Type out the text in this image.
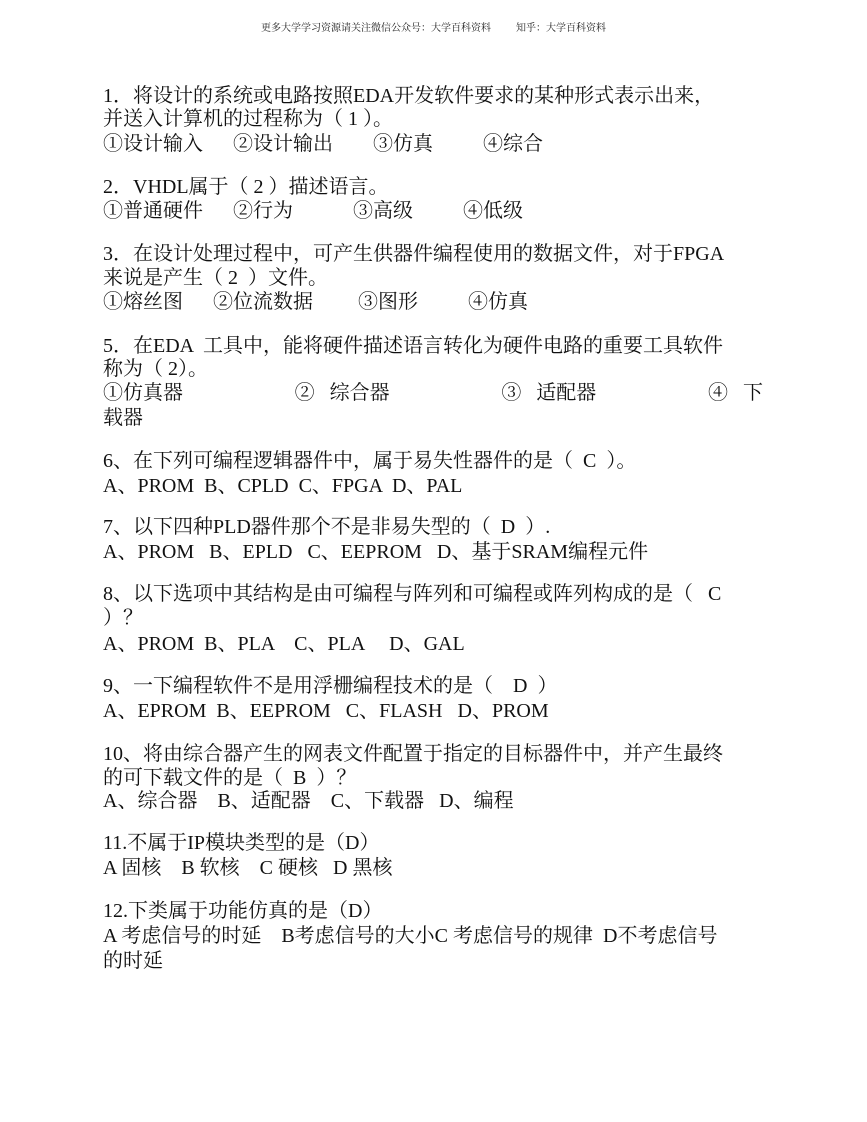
更多大学学习资源请关注微信公众号：大学百科资料          知乎：大学百科资料
1．将设计的系统或电路按照EDA开发软件要求的某种形式表示出来，
并送入计算机的过程称为（ 1 ）。
①设计输入      ②设计输出        ③仿真          ④综合
2．VHDL属于（ 2 ）描述语言。
①普通硬件      ②行为            ③高级          ④低级
3．在设计处理过程中，可产生供器件编程使用的数据文件，对于FPGA
来说是产生（ 2  ）文件。
①熔丝图      ②位流数据         ③图形          ④仿真
5．在EDA  工具中，能将硬件描述语言转化为硬件电路的重要工具软件
称为（ 2）。
①仿真器	②   综合器	③   适配器	④   下
载器
6、在下列可编程逻辑器件中，属于易失性器件的是（  C  ）。
A、PROM  B、CPLD  C、FPGA  D、PAL
7、以下四种PLD器件那个不是非易失型的（  D  ）.
A、PROM   B、EPLD   C、EEPROM   D、基于SRAM编程元件
8、以下选项中其结构是由可编程与阵列和可编程或阵列构成的是（   C
）？
A、PROM  B、PLA    C、PLA     D、GAL
9、一下编程软件不是用浮栅编程技术的是（    D  ）
A、EPROM  B、EEPROM   C、FLASH   D、PROM
10、将由综合器产生的网表文件配置于指定的目标器件中，并产生最终
的可下载文件的是（  B  ）？
A、综合器    B、适配器    C、下载器   D、编程
11.不属于IP模块类型的是（D）
A 固核    B 软核    C 硬核   D 黑核
12.下类属于功能仿真的是（D）
A 考虑信号的时延    B考虑信号的大小C 考虑信号的规律  D不考虑信号
的时延
